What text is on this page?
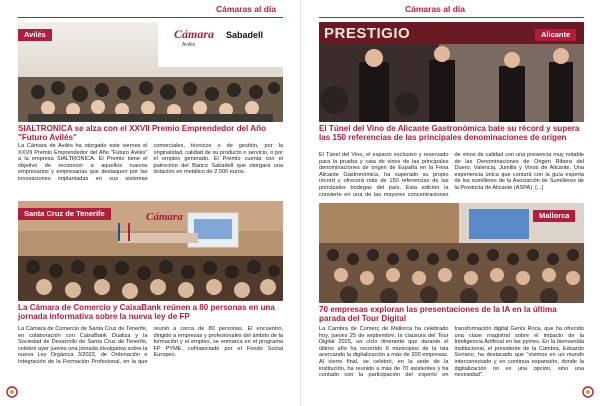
Cámaras al día
Cámara
Avilés
Sabadell
Avilés
SIALTRONICA se alza con el XXVII Premio Emprendedor del Año "Futuro Avilés"
La Cámara de Avilés ha otorgado este viernes el XXVII Premio Emprendedor del Año "Futuro Avilés" a la empresa SIALTRONICA. El Premio tiene el objetivo de reconocer a aquellos nuevos empresarios y empresarias que destaquen por las innovaciones implantadas en sus sistemas comerciales, técnicos o de gestión, por la originalidad, calidad de su producto o servicio, o por el empleo generado. El Premio cuenta con el patrocinio del Banco Sabadell que otorgará una dotación en metálico de 2.000 euros.
Cámara
Santa Cruz de Tenerife
La Cámara de Comercio y CaixaBank reúnen a 80 personas en una jornada informativa sobre la nueva ley de FP
La Cámara de Comercio de Santa Cruz de Tenerife, en colaboración con CaixaBank Dualiza y la Sociedad de Desarrollo de Santa Cruz de Tenerife, celebró ayer jueves una jornada divulgativa sobre la nueva Ley Orgánica 3/2022, de Ordenación e Integración de la Formación Profesional, en la que reunió a cerca de 80 personas. El encuentro, dirigido a empresas y profesionales del ámbito de la formación y el empleo, se enmarca en el programa FP PYME, cofinanciado por el Fondo Social Europeo.
Cámaras al día
PRESTIGIO	Alicante
El Túnel del Vino de Alicante Gastronómica bate su récord y supera las 150 referencias de las principales denominaciones de origen
El Túnel del Vino, el espacio exclusivo y reservado para la prueba y cata de vinos de las principales denominaciones de origen de España en la Feria Alicante Gastronómica, ha superado su propio récord y ofrecerá más de 150 referencias de las principales bodegas del país. Esta edición la convierte en una de las mayores concentraciones de vinos de calidad con una presencia muy notable de las Denominaciones de Origen Ribera del Duero, Valencia, Jumilla y Vinos de Alicante. Una experiencia única que contará con la guía experta de los sumilleres de la Asociación de Sumilleres de la Provincia de Alicante (ASPA). [...]
Mallorca
70 empresas exploran las presentaciones de la IA en la última parada del Tour Digital
La Cambra de Comerç de Mallorca ha celebrado hoy, jueves 25 de septiembre, la clausura del Tour Digital 2025, un ciclo itinerante que durante el último año ha recorrido 6 municipios de la isla acercando la digitalización a más de 200 empresas. Al cierre final, se celebró, en la sede de la institución, ha reunido a más de 70 asistentes y ha contado con la participación del experto en transformación digital Genís Roca, que ha ofrecido una clase magistral sobre el impacto de la Inteligencia Artificial en las pymes. En la bienvenida institucional, el presidente de la Cambra, Eduardo Soriano, ha destacado que "vivimos en un mundo interconectado y en continua expansión, donde la digitalización no es una opción, sino una necesidad".
